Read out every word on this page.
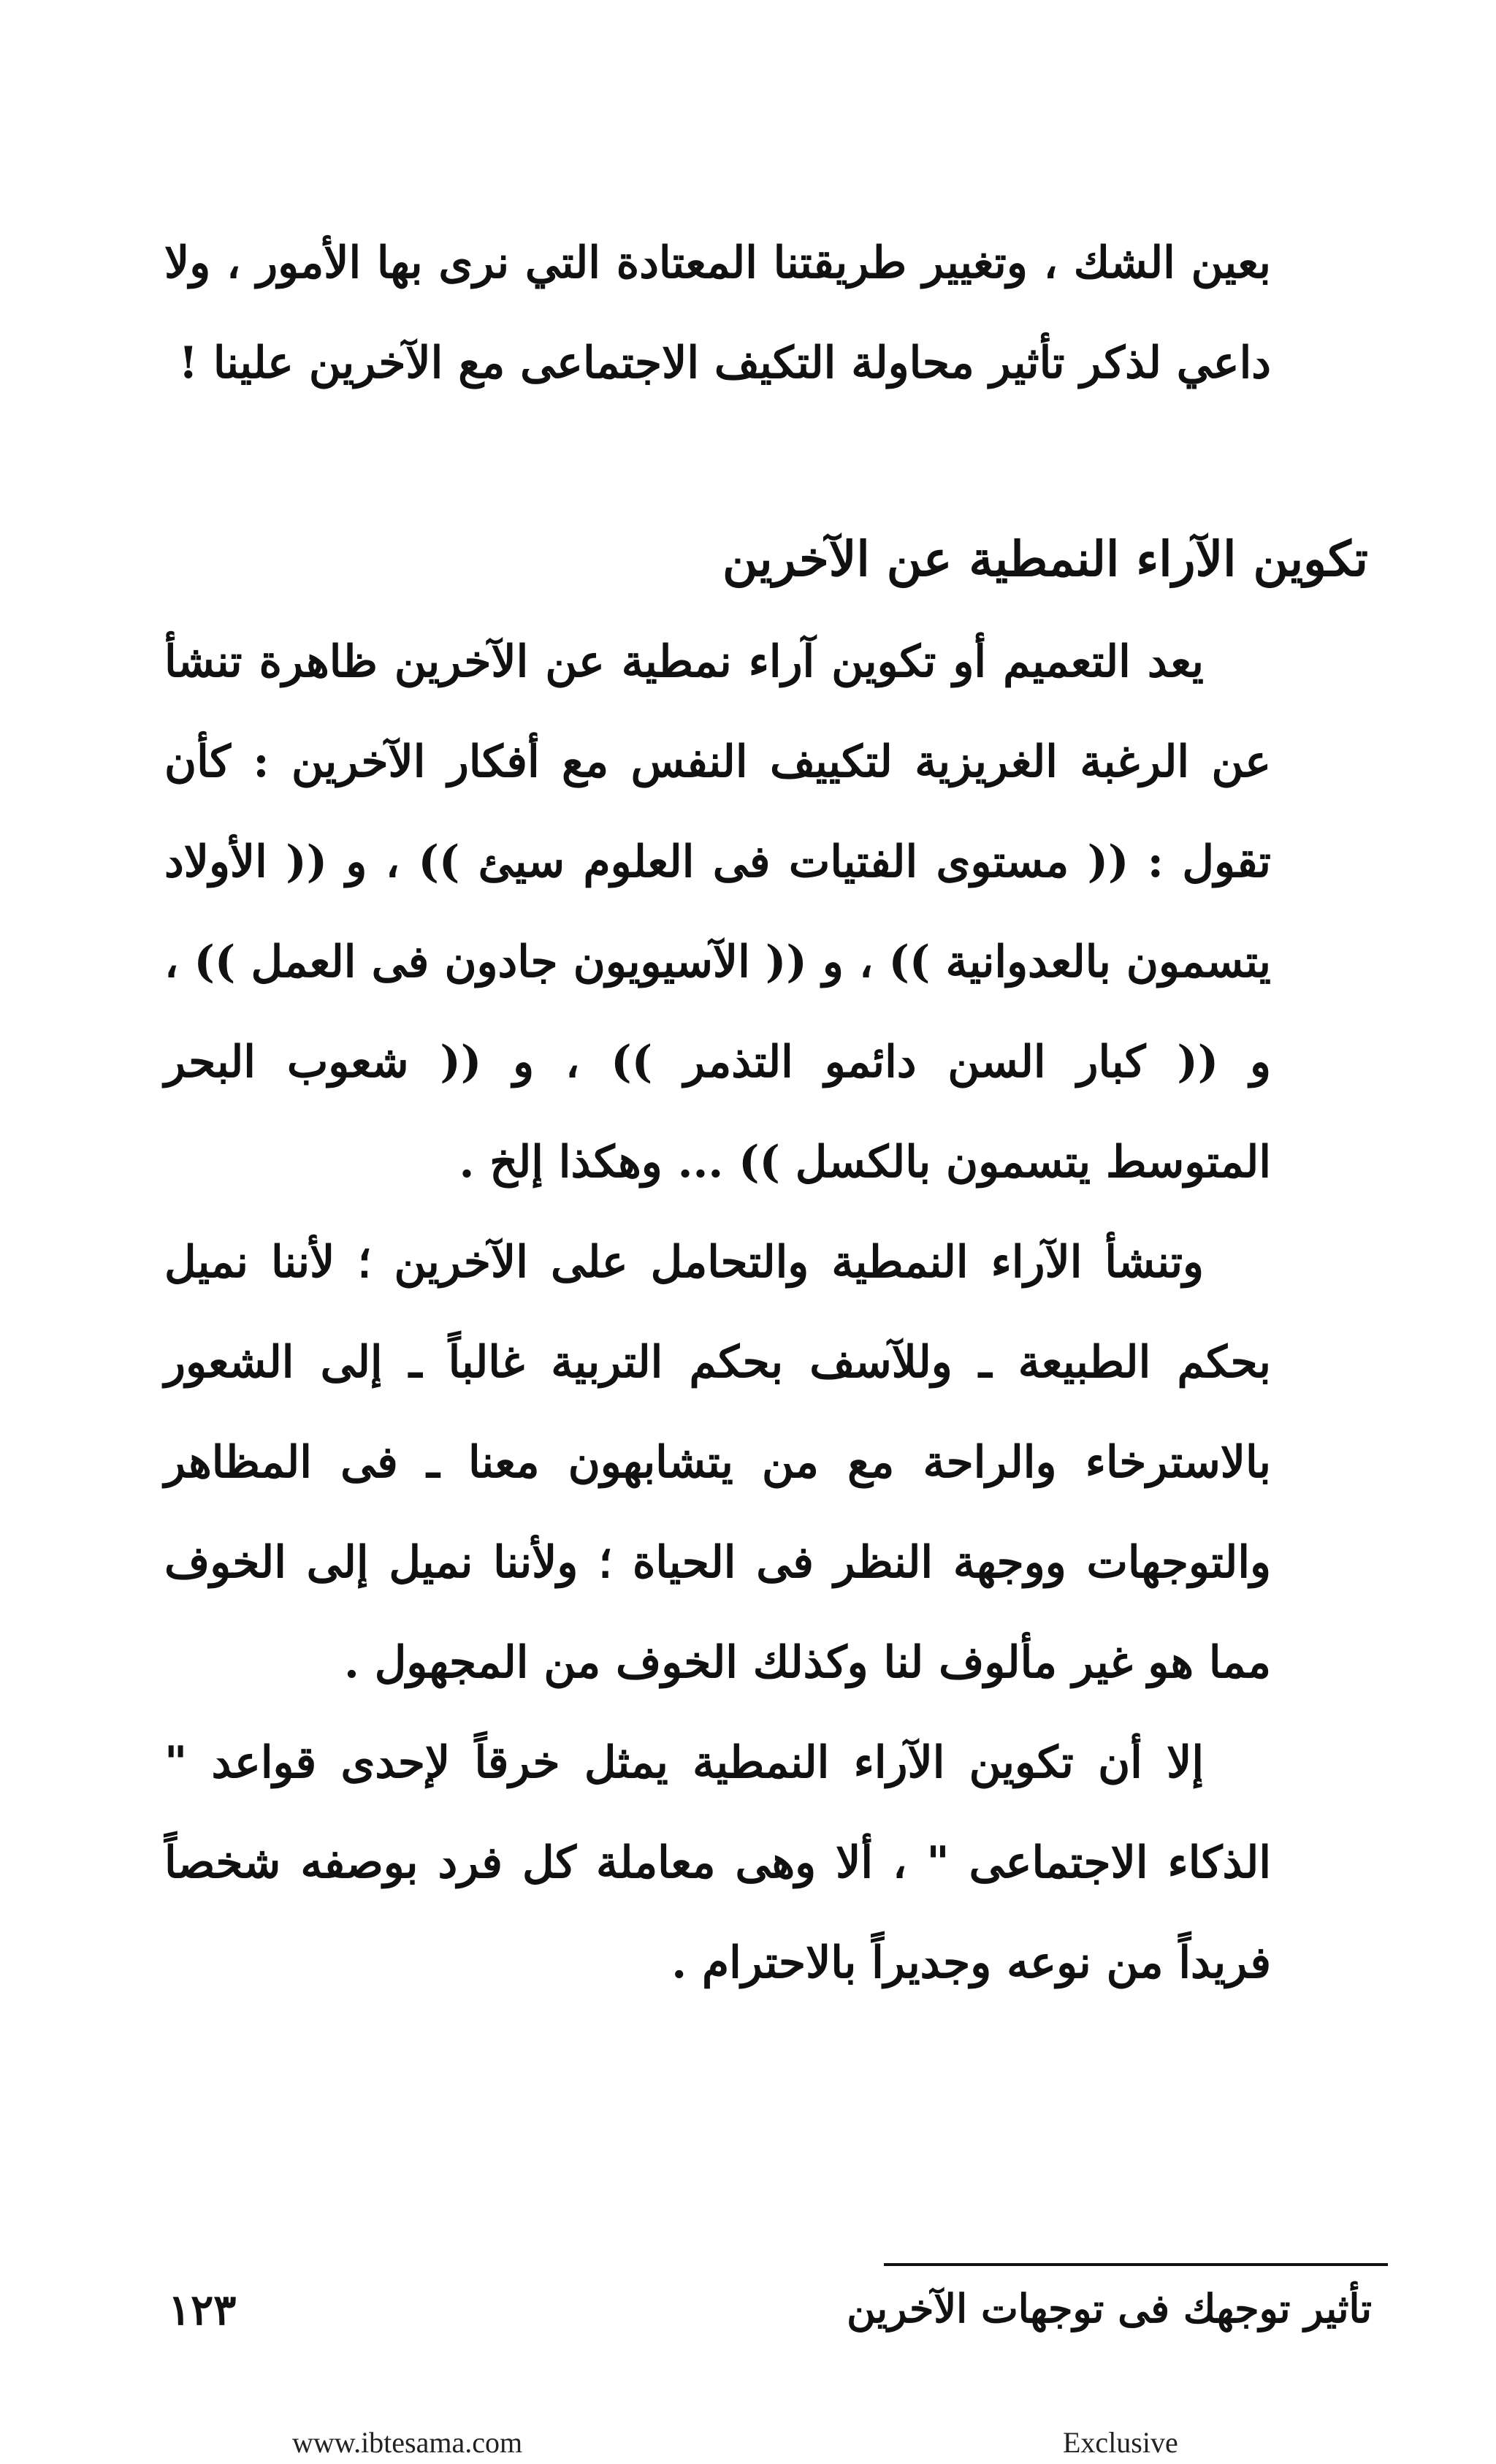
بعين الشك ، وتغيير طريقتنا المعتادة التي نرى بها الأمور ، ولا داعي لذكر تأثير محاولة التكيف الاجتماعى مع الآخرين علينا !

تكوين الآراء النمطية عن الآخرين

يعد التعميم أو تكوين آراء نمطية عن الآخرين ظاهرة تنشأ عن الرغبة الغريزية لتكييف النفس مع أفكار الآخرين : كأن تقول : (( مستوى الفتيات فى العلوم سيئ )) ، و (( الأولاد يتسمون بالعدوانية )) ، و (( الآسيويون جادون فى العمل )) ، و (( كبار السن دائمو التذمر )) ، و (( شعوب البحر المتوسط يتسمون بالكسل )) ... وهكذا إلخ .

وتنشأ الآراء النمطية والتحامل على الآخرين ؛ لأننا نميل بحكم الطبيعة ـ وللآسف بحكم التربية غالباً ـ إلى الشعور بالاسترخاء والراحة مع من يتشابهون معنا ـ فى المظاهر والتوجهات ووجهة النظر فى الحياة ؛ ولأننا نميل إلى الخوف مما هو غير مألوف لنا وكذلك الخوف من المجهول .

إلا أن تكوين الآراء النمطية يمثل خرقاً لإحدى قواعد " الذكاء الاجتماعى " ، ألا وهى معاملة كل فرد بوصفه شخصاً فريداً من نوعه وجديراً بالاحترام .

تأثير توجهك فى توجهات الآخرين
١٢٣
www.ibtesama.com	Exclusive
